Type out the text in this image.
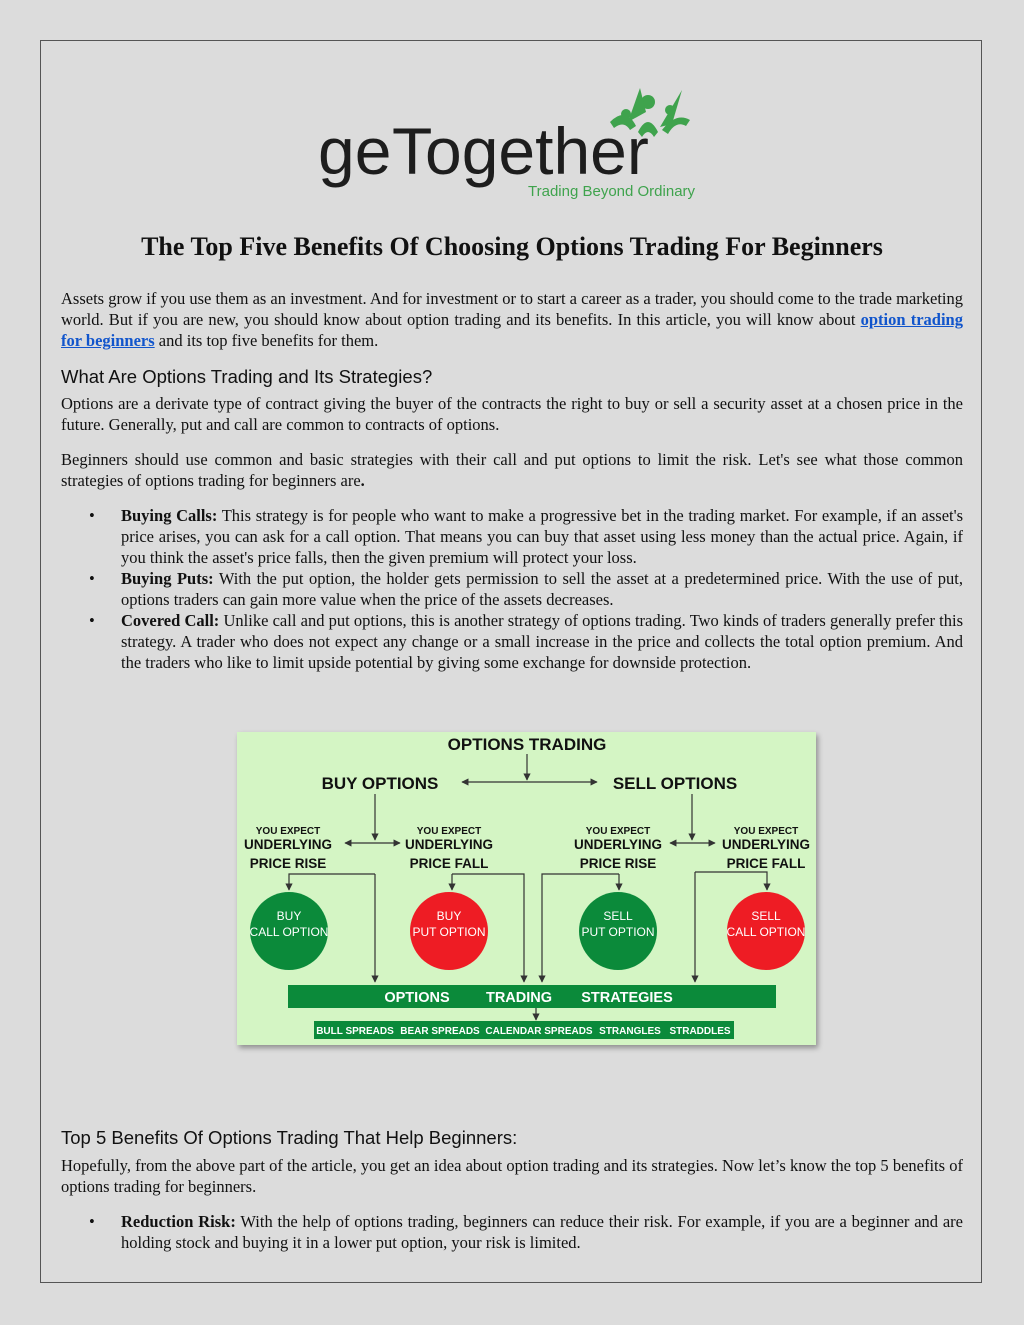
ge Together
Trading Beyond Ordinary
The Top Five Benefits Of Choosing Options Trading For Beginners

Assets grow if you use them as an investment. And for investment or to start a career as a trader, you should come to the trade marketing world. But if you are new, you should know about option trading and its benefits. In this article, you will know about option trading for beginners and its top five benefits for them.

What Are Options Trading and Its Strategies?

Options are a derivate type of contract giving the buyer of the contracts the right to buy or sell a security asset at a chosen price in the future. Generally, put and call are common to contracts of options.

Beginners should use common and basic strategies with their call and put options to limit the risk. Let's see what those common strategies of options trading for beginners are.

• Buying Calls: This strategy is for people who want to make a progressive bet in the trading market. For example, if an asset's price arises, you can ask for a call option. That means you can buy that asset using less money than the actual price. Again, if you think the asset's price falls, then the given premium will protect your loss.
• Buying Puts: With the put option, the holder gets permission to sell the asset at a predetermined price. With the use of put, options traders can gain more value when the price of the assets decreases.
• Covered Call: Unlike call and put options, this is another strategy of options trading. Two kinds of traders generally prefer this strategy. A trader who does not expect any change or a small increase in the price and collects the total option premium. And the traders who like to limit upside potential by giving some exchange for downside protection.
OPTIONS TRADING
BUY OPTIONS	SELL OPTIONS
YOU EXPECT
UNDERLYING
PRICE RISE
YOU EXPECT
UNDERLYING
PRICE FALL
YOU EXPECT
UNDERLYING
PRICE RISE
YOU EXPECT
UNDERLYING
PRICE FALL
BUY
CALL OPTION
BUY
PUT OPTION
SELL
PUT OPTION
SELL
CALL OPTION
OPTIONS	TRADING STRATEGIES
BULL SPREADS BEAR SPREADS CALENDAR SPREADS STRANGLES STRADDLES
Top 5 Benefits Of Options Trading That Help Beginners:

Hopefully, from the above part of the article, you get an idea about option trading and its strategies. Now let’s know the top 5 benefits of options trading for beginners.

• Reduction Risk: With the help of options trading, beginners can reduce their risk. For example, if you are a beginner and are holding stock and buying it in a lower put option, your risk is limited.
